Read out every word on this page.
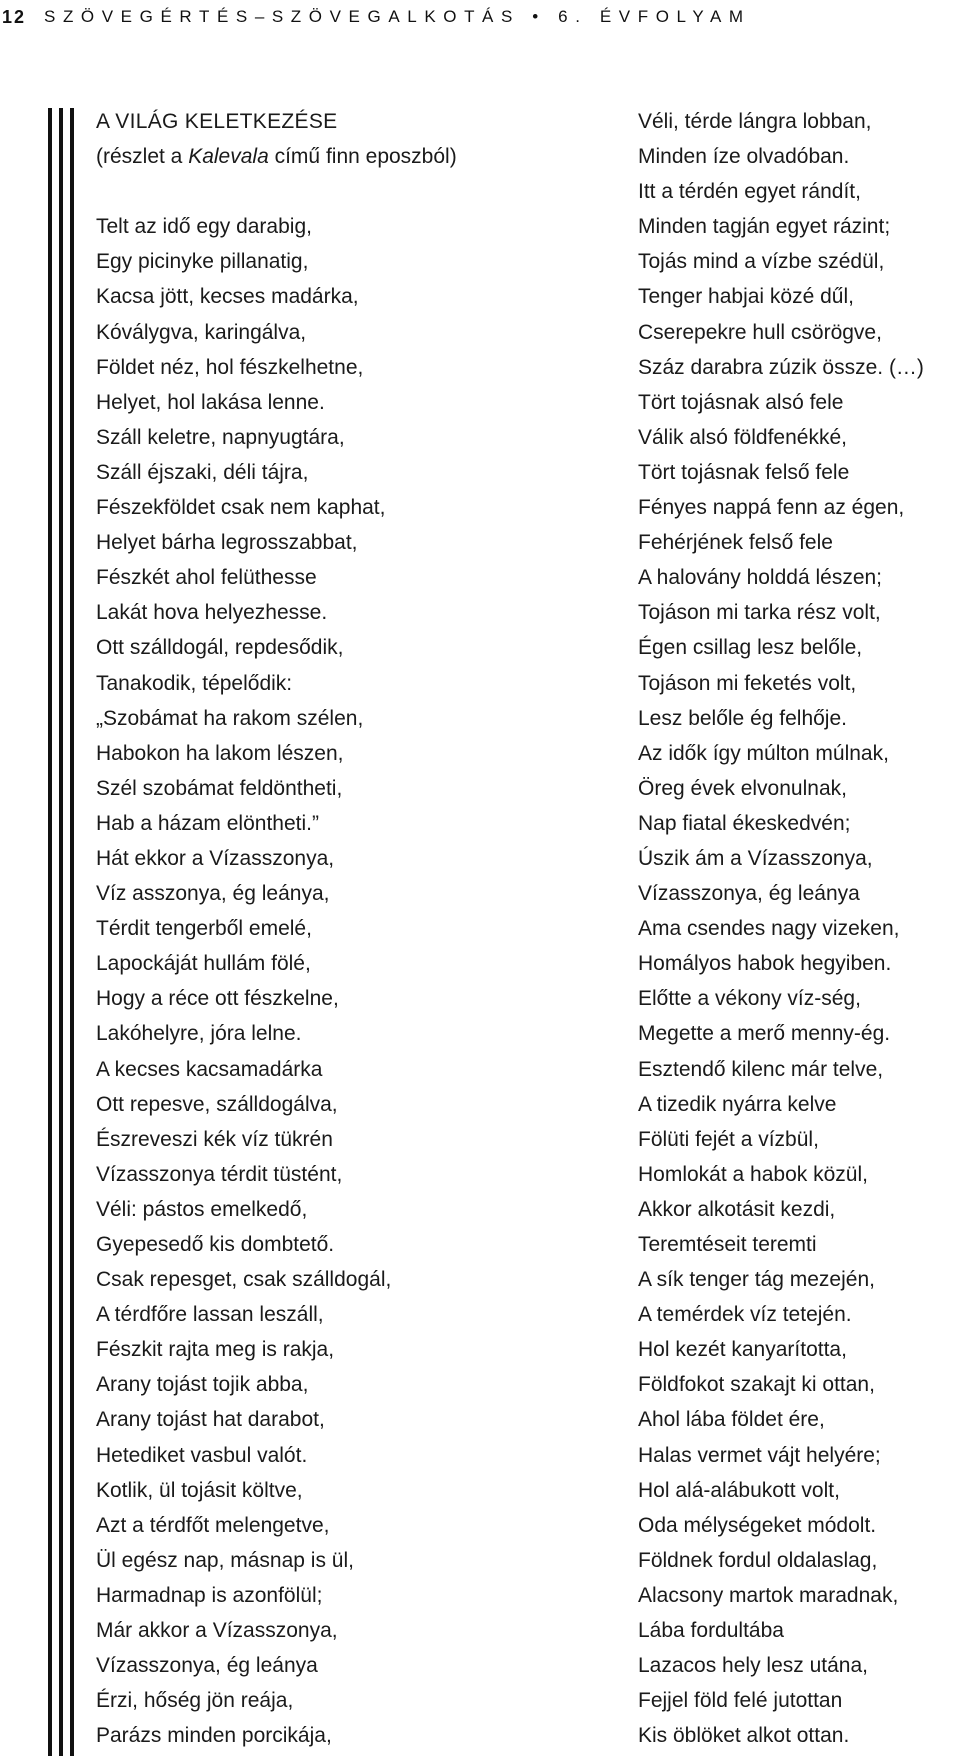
12	SZÖVEGÉRTÉS–SZÖVEGALKOTÁS • 6. ÉVFOLYAM
A VILÁG KELETKEZÉSE
(részlet a Kalevala című finn eposzból)
Telt az idő egy darabig,
Egy picinyke pillanatig,
Kacsa jött, kecses madárka,
Kóválygva, karingálva,
Földet néz, hol fészkelhetne,
Helyet, hol lakása lenne.
Száll keletre, napnyugtára,
Száll éjszaki, déli tájra,
Fészekföldet csak nem kaphat,
Helyet bárha legrosszabbat,
Fészkét ahol felüthesse
Lakát hova helyezhesse.
Ott szálldogál, repdesődik,
Tanakodik, tépelődik:
„Szobámat ha rakom szélen,
Habokon ha lakom lészen,
Szél szobámat feldöntheti,
Hab a házam elöntheti.”
Hát ekkor a Vízasszonya,
Víz asszonya, ég leánya,
Térdit tengerből emelé,
Lapockáját hullám fölé,
Hogy a réce ott fészkelne,
Lakóhelyre, jóra lelne.
A kecses kacsamadárka
Ott repesve, szálldogálva,
Észreveszi kék víz tükrén
Vízasszonya térdit tüstént,
Véli: pástos emelkedő,
Gyepesedő kis dombtető.
Csak repesget, csak szálldogál,
A térdfőre lassan leszáll,
Fészkit rajta meg is rakja,
Arany tojást tojik abba,
Arany tojást hat darabot,
Hetediket vasbul valót.
Kotlik, ül tojásit költve,
Azt a térdfőt melengetve,
Ül egész nap, másnap is ül,
Harmadnap is azonfölül;
Már akkor a Vízasszonya,
Vízasszonya, ég leánya
Érzi, hőség jön reája,
Parázs minden porcikája,
Véli, térde lángra lobban,
Minden íze olvadóban.
Itt a térdén egyet rándít,
Minden tagján egyet rázint;
Tojás mind a vízbe szédül,
Tenger habjai közé dűl,
Cserepekre hull csörögve,
Száz darabra zúzik össze. (…)
Tört tojásnak alsó fele
Válik alsó földfenékké,
Tört tojásnak felső fele
Fényes nappá fenn az égen,
Fehérjének felső fele
A halovány holddá lészen;
Tojáson mi tarka rész volt,
Égen csillag lesz belőle,
Tojáson mi feketés volt,
Lesz belőle ég felhője.
Az idők így múlton múlnak,
Öreg évek elvonulnak,
Nap fiatal ékeskedvén;
Úszik ám a Vízasszonya,
Vízasszonya, ég leánya
Ama csendes nagy vizeken,
Homályos habok hegyiben.
Előtte a vékony víz-ség,
Megette a merő menny-ég.
Esztendő kilenc már telve,
A tizedik nyárra kelve
Fölüti fejét a vízbül,
Homlokát a habok közül,
Akkor alkotásit kezdi,
Teremtéseit teremti
A sík tenger tág mezején,
A temérdek víz tetején.
Hol kezét kanyarította,
Földfokot szakajt ki ottan,
Ahol lába földet ére,
Halas vermet vájt helyére;
Hol alá-alábukott volt,
Oda mélységeket módolt.
Földnek fordul oldalaslag,
Alacsony martok maradnak,
Lába fordultába
Lazacos hely lesz utána,
Fejjel föld felé jutottan
Kis öblöket alkot ottan.
